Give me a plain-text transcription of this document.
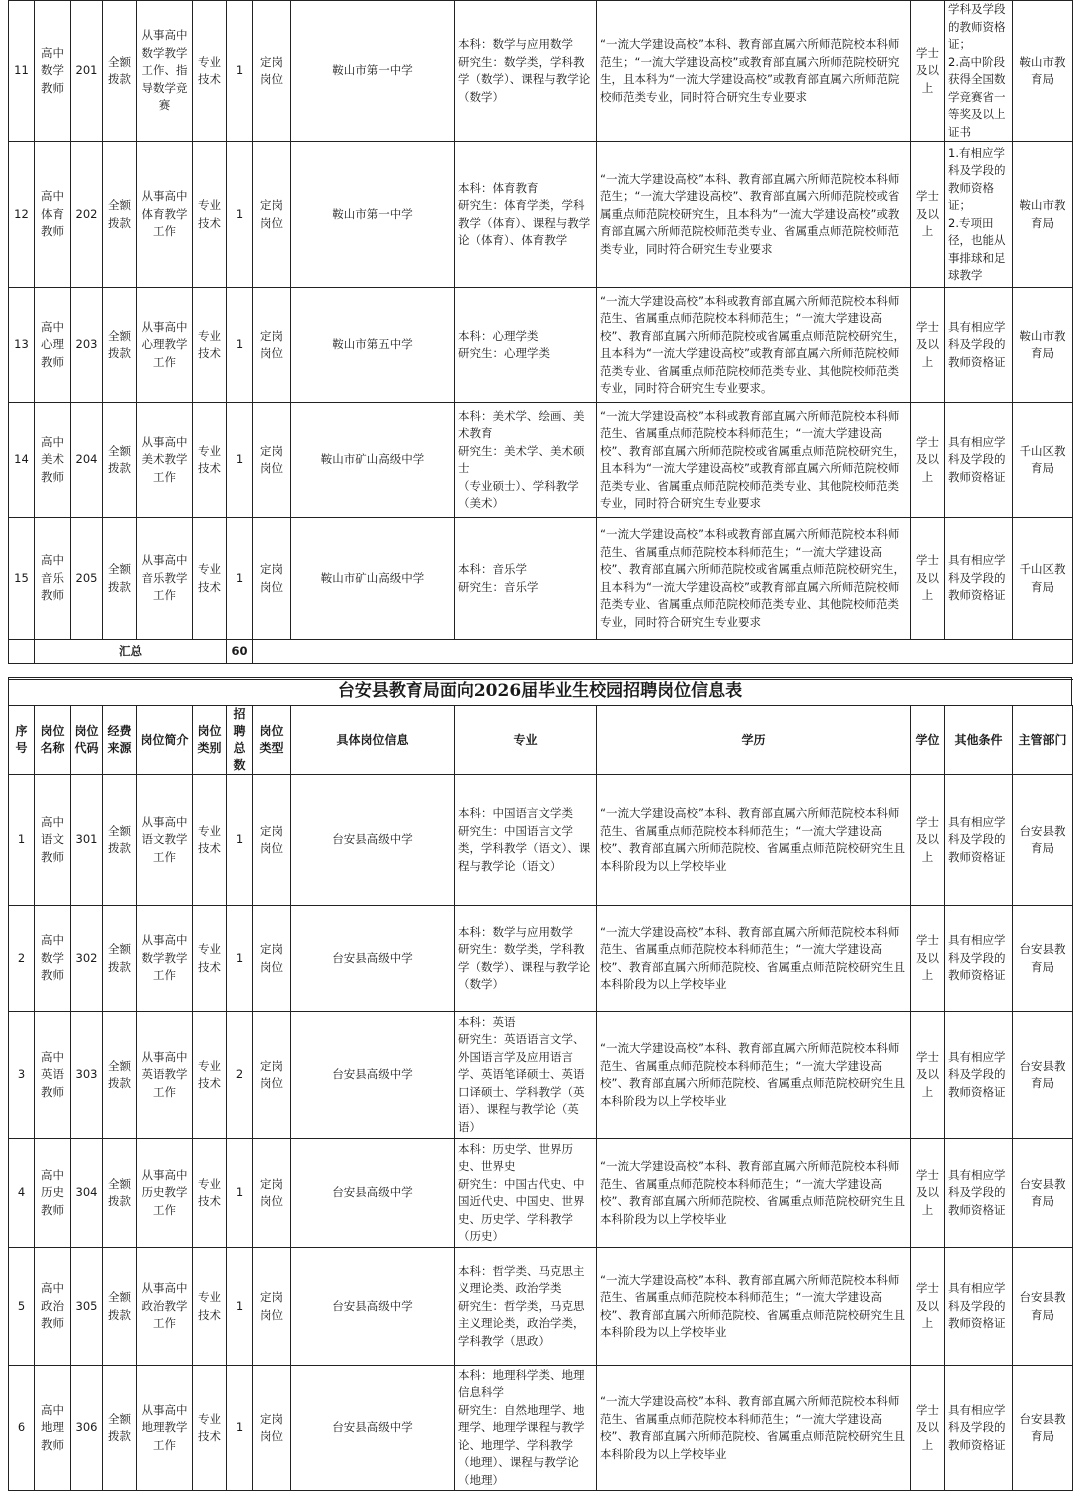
11	高中数学教师	201	全额拨款	从事高中数学教学工作、指导数学竞赛	专业技术	1	定岗岗位	鞍山市第一中学	本科：数学与应用数学
研究生：数学类，学科教学（数学）、课程与教学论（数学）	“一流大学建设高校”本科、教育部直属六所师范院校本科师范生；“一流大学建设高校”或教育部直属六所师范院校研究生，且本科为“一流大学建设高校”或教育部直属六所师范院校师范类专业，同时符合研究生专业要求	学士及以上	学科及学段的教师资格证；
2.高中阶段获得全国数学竞赛省一等奖及以上证书	鞍山市教育局
12	高中体育教师	202	全额拨款	从事高中体育教学工作	专业技术	1	定岗岗位	鞍山市第一中学	本科：体育教育
研究生：体育学类，学科教学（体育）、课程与教学论（体育）、体育教学	“一流大学建设高校”本科、教育部直属六所师范院校本科师范生；“一流大学建设高校”、教育部直属六所师范院校或省属重点师范院校研究生，且本科为“一流大学建设高校”或教育部直属六所师范院校师范类专业、省属重点师范院校师范类专业，同时符合研究生专业要求	学士及以上	1.有相应学科及学段的教师资格证；
2.专项田径，也能从事排球和足球教学	鞍山市教育局
13	高中心理教师	203	全额拨款	从事高中心理教学工作	专业技术	1	定岗岗位	鞍山市第五中学	本科：心理学类
研究生：心理学类	“一流大学建设高校”本科或教育部直属六所师范院校本科师范生、省属重点师范院校本科师范生；“一流大学建设高校”、教育部直属六所师范院校或省属重点师范院校研究生，且本科为“一流大学建设高校”或教育部直属六所师范院校师范类专业、省属重点师范院校师范类专业、其他院校师范类专业，同时符合研究生专业要求。	学士及以上	具有相应学科及学段的教师资格证	鞍山市教育局
14	高中美术教师	204	全额拨款	从事高中美术教学工作	专业技术	1	定岗岗位	鞍山市矿山高级中学	本科：美术学、绘画、美术教育
研究生：美术学、美术硕士
（专业硕士）、学科教学（美术）	“一流大学建设高校”本科或教育部直属六所师范院校本科师范生、省属重点师范院校本科师范生；“一流大学建设高校”、教育部直属六所师范院校或省属重点师范院校研究生，且本科为“一流大学建设高校”或教育部直属六所师范院校师范类专业、省属重点师范院校师范类专业、其他院校师范类专业，同时符合研究生专业要求	学士及以上	具有相应学科及学段的教师资格证	千山区教育局
15	高中音乐教师	205	全额拨款	从事高中音乐教学工作	专业技术	1	定岗岗位	鞍山市矿山高级中学	本科：音乐学
研究生：音乐学	“一流大学建设高校”本科或教育部直属六所师范院校本科师范生、省属重点师范院校本科师范生；“一流大学建设高校”、教育部直属六所师范院校或省属重点师范院校研究生，且本科为“一流大学建设高校”或教育部直属六所师范院校师范类专业、省属重点师范院校师范类专业、其他院校师范类专业，同时符合研究生专业要求	学士及以上	具有相应学科及学段的教师资格证	千山区教育局
	汇总					60							

台安县教育局面向2026届毕业生校园招聘岗位信息表
序号	岗位名称	岗位代码	经费来源	岗位简介	岗位类别	招聘总数	岗位类型	具体岗位信息	专业	学历	学位	其他条件	主管部门
1	高中语文教师	301	全额拨款	从事高中语文教学工作	专业技术	1	定岗岗位	台安县高级中学	本科：中国语言文学类
研究生：中国语言文学类，学科教学（语文）、课程与教学论（语文）	“一流大学建设高校”本科、教育部直属六所师范院校本科师范生、省属重点师范院校本科师范生；“一流大学建设高校”、教育部直属六所师范院校、省属重点师范院校研究生且本科阶段为以上学校毕业	学士及以上	具有相应学科及学段的教师资格证	台安县教育局
2	高中数学教师	302	全额拨款	从事高中数学教学工作	专业技术	1	定岗岗位	台安县高级中学	本科：数学与应用数学
研究生：数学类，学科教学（数学）、课程与教学论（数学）	“一流大学建设高校”本科、教育部直属六所师范院校本科师范生、省属重点师范院校本科师范生；“一流大学建设高校”、教育部直属六所师范院校、省属重点师范院校研究生且本科阶段为以上学校毕业	学士及以上	具有相应学科及学段的教师资格证	台安县教育局
3	高中英语教师	303	全额拨款	从事高中英语教学工作	专业技术	2	定岗岗位	台安县高级中学	本科：英语
研究生：英语语言文学、外国语言学及应用语言学、英语笔译硕士、英语口译硕士、学科教学（英语）、课程与教学论（英语）	“一流大学建设高校”本科、教育部直属六所师范院校本科师范生、省属重点师范院校本科师范生；“一流大学建设高校”、教育部直属六所师范院校、省属重点师范院校研究生且本科阶段为以上学校毕业	学士及以上	具有相应学科及学段的教师资格证	台安县教育局
4	高中历史教师	304	全额拨款	从事高中历史教学工作	专业技术	1	定岗岗位	台安县高级中学	本科：历史学、世界历史、世界史
研究生：中国古代史、中国近代史、中国史、世界史、历史学、学科教学（历史）	“一流大学建设高校”本科、教育部直属六所师范院校本科师范生、省属重点师范院校本科师范生；“一流大学建设高校”、教育部直属六所师范院校、省属重点师范院校研究生且本科阶段为以上学校毕业	学士及以上	具有相应学科及学段的教师资格证	台安县教育局
5	高中政治教师	305	全额拨款	从事高中政治教学工作	专业技术	1	定岗岗位	台安县高级中学	本科：哲学类、马克思主义理论类、政治学类
研究生：哲学类，马克思主义理论类，政治学类，学科教学（思政）	“一流大学建设高校”本科、教育部直属六所师范院校本科师范生、省属重点师范院校本科师范生；“一流大学建设高校”、教育部直属六所师范院校、省属重点师范院校研究生且本科阶段为以上学校毕业	学士及以上	具有相应学科及学段的教师资格证	台安县教育局
6	高中地理教师	306	全额拨款	从事高中地理教学工作	专业技术	1	定岗岗位	台安县高级中学	本科：地理科学类、地理信息科学
研究生：自然地理学、地理学、地理学课程与教学论、地理学、学科教学（地理）、课程与教学论（地理）	“一流大学建设高校”本科、教育部直属六所师范院校本科师范生、省属重点师范院校本科师范生；“一流大学建设高校”、教育部直属六所师范院校、省属重点师范院校研究生且本科阶段为以上学校毕业	学士及以上	具有相应学科及学段的教师资格证	台安县教育局
